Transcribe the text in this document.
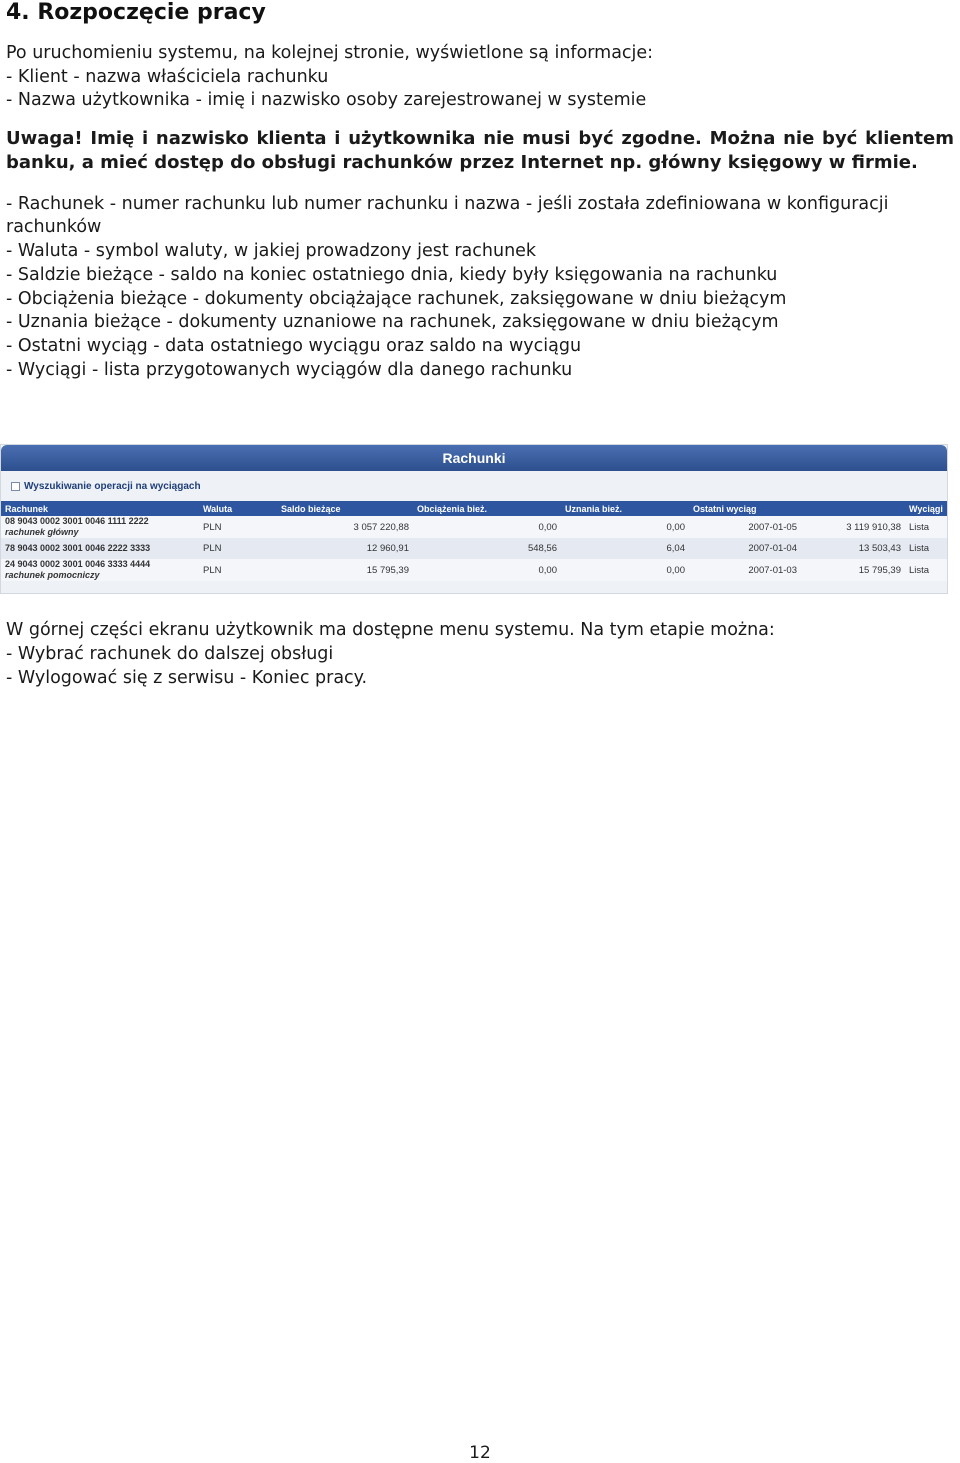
4. Rozpoczęcie pracy

Po uruchomieniu systemu, na kolejnej stronie, wyświetlone są informacje:

- Klient - nazwa właściciela rachunku

- Nazwa użytkownika - imię i nazwisko osoby zarejestrowanej w systemie

Uwaga! Imię i nazwisko klienta i użytkownika nie musi być zgodne. Można nie być klientem banku, a mieć dostęp do obsługi rachunków przez Internet np. główny księgowy w firmie.

- Rachunek - numer rachunku lub numer rachunku i nazwa - jeśli została zdefiniowana w konfiguracji rachunków

- Waluta - symbol waluty, w jakiej prowadzony jest rachunek

- Saldzie bieżące - saldo na koniec ostatniego dnia, kiedy były księgowania na rachunku

- Obciążenia bieżące - dokumenty obciążające rachunek, zaksięgowane w dniu bieżącym

- Uznania bieżące - dokumenty uznaniowe na rachunek, zaksięgowane w dniu bieżącym

- Ostatni wyciąg - data ostatniego wyciągu oraz saldo na wyciągu

- Wyciągi - lista przygotowanych wyciągów dla danego rachunku

Rachunki
Wyszukiwanie operacji na wyciągach
Rachunek	Waluta	Saldo bieżące	Obciążenia bież.	Uznania bież.	Ostatni wyciąg		Wyciągi

08 9043 0002 3001 0046 1111 2222
rachunek główny	PLN	3 057 220,88	0,00	0,00	2007-01-05	3 119 910,38	Lista

78 9043 0002 3001 0046 2222 3333	PLN	12 960,91	548,56	6,04	2007-01-04	13 503,43	Lista

24 9043 0002 3001 0046 3333 4444
rachunek pomocniczy	PLN	15 795,39	0,00	0,00	2007-01-03	15 795,39	Lista

W górnej części ekranu użytkownik ma dostępne menu systemu. Na tym etapie można:

- Wybrać rachunek do dalszej obsługi

- Wylogować się z serwisu - Koniec pracy.

12
